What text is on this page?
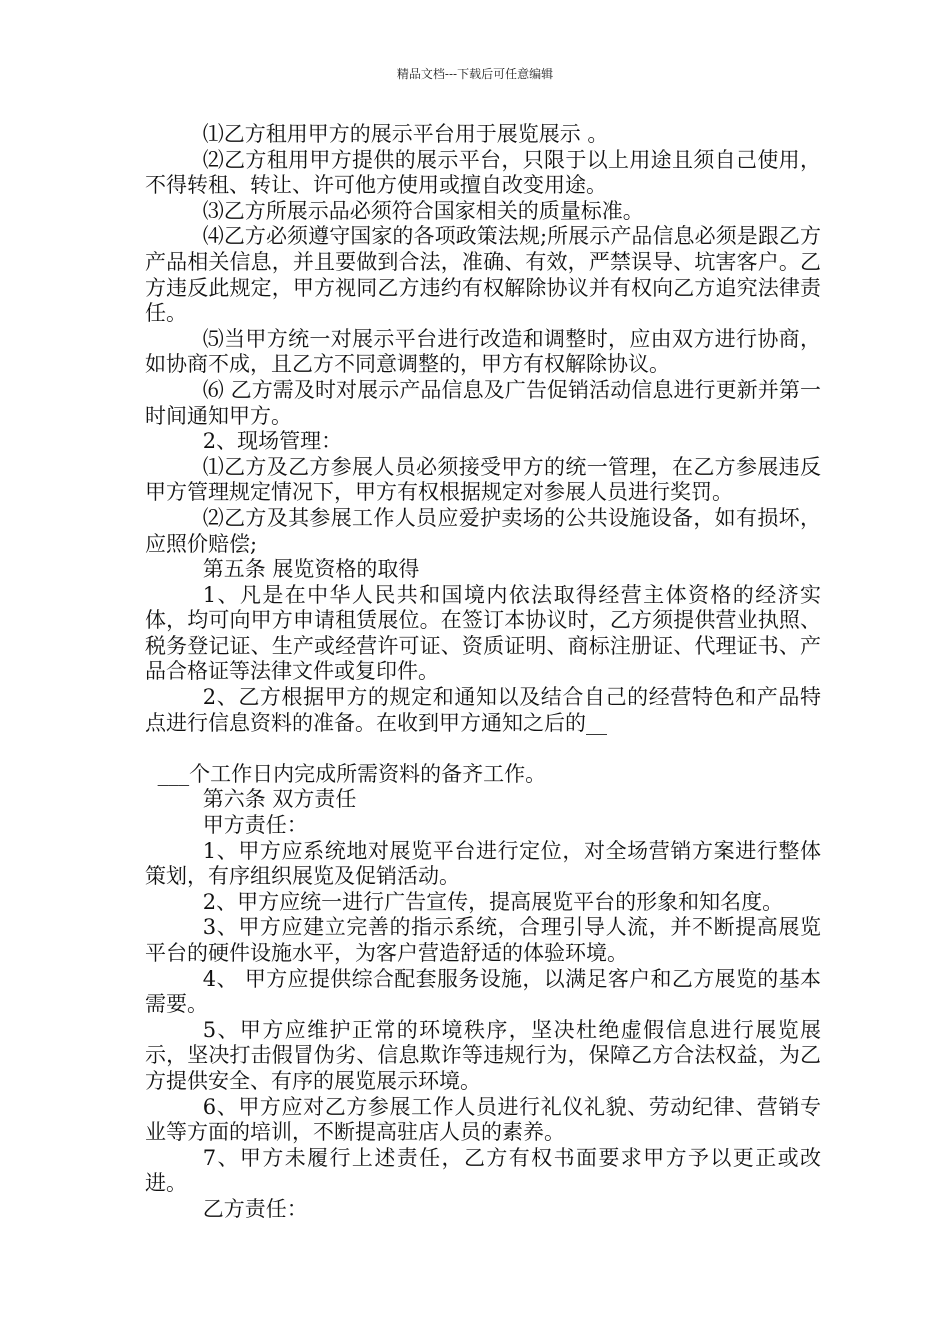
精品文档---下载后可任意编辑

⑴乙方租用甲方的展示平台用于展览展示 。

⑵乙方租用甲方提供的展示平台，只限于以上用途且须自己使用，不得转租、转让、许可他方使用或擅自改变用途。

⑶乙方所展示品必须符合国家相关的质量标准。

⑷乙方必须遵守国家的各项政策法规;所展示产品信息必须是跟乙方产品相关信息，并且要做到合法，准确、有效，严禁误导、坑害客户。乙方违反此规定，甲方视同乙方违约有权解除协议并有权向乙方追究法律责任。

⑸当甲方统一对展示平台进行改造和调整时，应由双方进行协商，如协商不成，且乙方不同意调整的，甲方有权解除协议。

⑹ 乙方需及时对展示产品信息及广告促销活动信息进行更新并第一时间通知甲方。

2、现场管理：

⑴乙方及乙方参展人员必须接受甲方的统一管理，在乙方参展违反甲方管理规定情况下，甲方有权根据规定对参展人员进行奖罚。

⑵乙方及其参展工作人员应爱护卖场的公共设施设备，如有损坏，应照价赔偿;

第五条 展览资格的取得

1、凡是在中华人民共和国境内依法取得经营主体资格的经济实体，均可向甲方申请租赁展位。在签订本协议时，乙方须提供营业执照、税务登记证、生产或经营许可证、资质证明、商标注册证、代理证书、产品合格证等法律文件或复印件。

2、乙方根据甲方的规定和通知以及结合自己的经营特色和产品特点进行信息资料的准备。在收到甲方通知之后的__

___个工作日内完成所需资料的备齐工作。

第六条 双方责任

甲方责任：

1、甲方应系统地对展览平台进行定位，对全场营销方案进行整体策划，有序组织展览及促销活动。

2、甲方应统一进行广告宣传，提高展览平台的形象和知名度。

3、甲方应建立完善的指示系统，合理引导人流，并不断提高展览平台的硬件设施水平，为客户营造舒适的体验环境。

4、 甲方应提供综合配套服务设施，以满足客户和乙方展览的基本需要。

5、甲方应维护正常的环境秩序，坚决杜绝虚假信息进行展览展示，坚决打击假冒伪劣、信息欺诈等违规行为，保障乙方合法权益，为乙方提供安全、有序的展览展示环境。

6、甲方应对乙方参展工作人员进行礼仪礼貌、劳动纪律、营销专业等方面的培训，不断提高驻店人员的素养。

7、甲方未履行上述责任，乙方有权书面要求甲方予以更正或改进。

乙方责任：
